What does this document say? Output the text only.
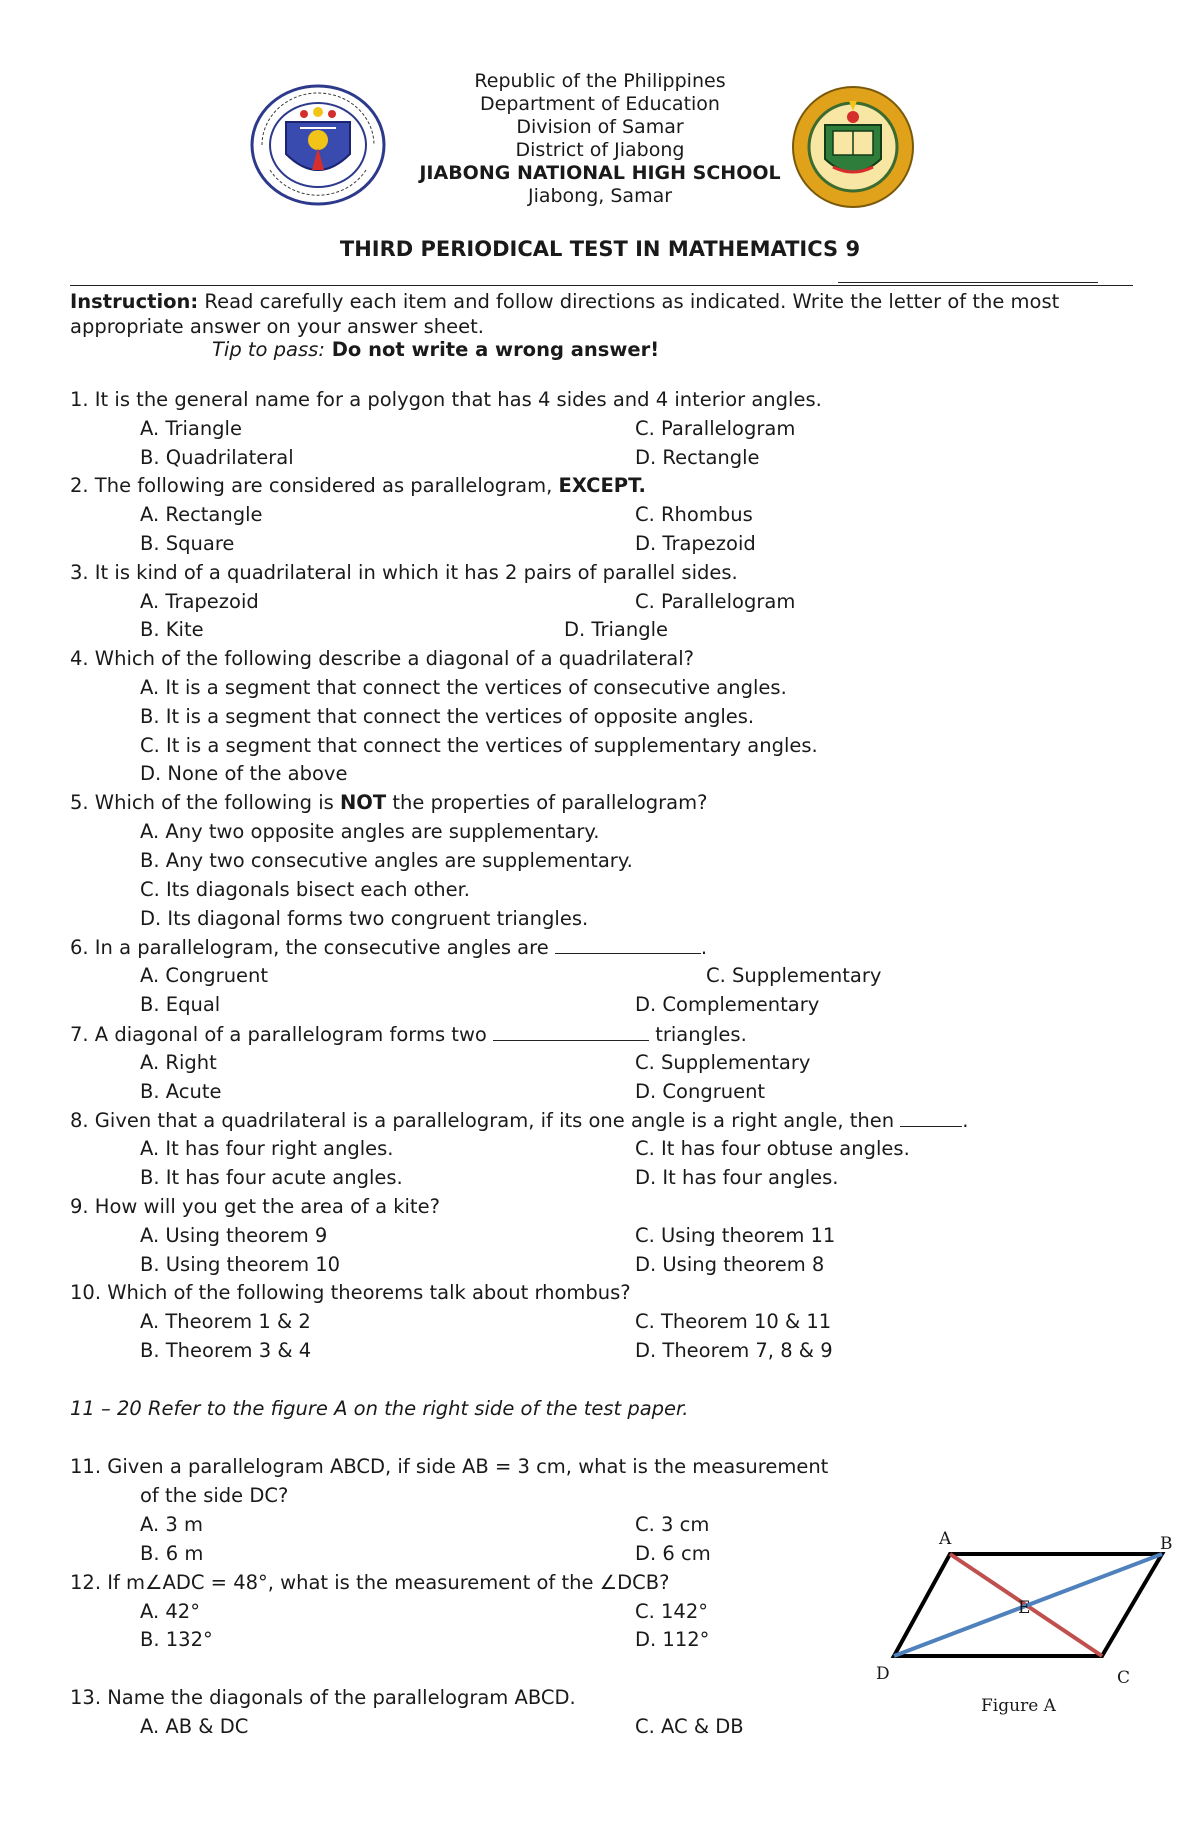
Republic of the Philippines
Department of Education
Division of Samar
District of Jiabong
JIABONG NATIONAL HIGH SCHOOL
Jiabong, Samar
THIRD PERIODICAL TEST IN MATHEMATICS 9
Instruction: Read carefully each item and follow directions as indicated. Write the letter of the most appropriate answer on your answer sheet.
Tip to pass: Do not write a wrong answer!
1. It is the general name for a polygon that has 4 sides and 4 interior angles.
A. Triangle	C. Parallelogram
B. Quadrilateral	D. Rectangle
2. The following are considered as parallelogram, EXCEPT.
A. Rectangle	C. Rhombus
B. Square	D. Trapezoid
3. It is kind of a quadrilateral in which it has 2 pairs of parallel sides.
A. Trapezoid	C. Parallelogram
B. Kite	D. Triangle
4. Which of the following describe a diagonal of a quadrilateral?
A. It is a segment that connect the vertices of consecutive angles.
B. It is a segment that connect the vertices of opposite angles.
C. It is a segment that connect the vertices of supplementary angles.
D. None of the above
5. Which of the following is NOT the properties of parallelogram?
A. Any two opposite angles are supplementary.
B. Any two consecutive angles are supplementary.
C. Its diagonals bisect each other.
D. Its diagonal forms two congruent triangles.
6. In a parallelogram, the consecutive angles are	.
A. Congruent	C. Supplementary
B. Equal	D. Complementary
7. A diagonal of a parallelogram forms two	triangles.
A. Right	C. Supplementary
B. Acute	D. Congruent
8. Given that a quadrilateral is a parallelogram, if its one angle is a right angle, then	.
A. It has four right angles.	C. It has four obtuse angles.
B. It has four acute angles.	D. It has four angles.
9. How will you get the area of a kite?
A. Using theorem 9	C. Using theorem 11
B. Using theorem 10	D. Using theorem 8
10. Which of the following theorems talk about rhombus?
A. Theorem 1 & 2	C. Theorem 10 & 11
B. Theorem 3 & 4	D. Theorem 7, 8 & 9
11 – 20 Refer to the figure A on the right side of the test paper.
11. Given a parallelogram ABCD, if side AB = 3 cm, what is the measurement
of the side DC?
A. 3 m	C. 3 cm
B. 6 m	D. 6 cm
12. If m∠ADC = 48°, what is the measurement of the ∠DCB?
A. 42°	C. 142°
B. 132°	D. 112°
13. Name the diagonals of the parallelogram ABCD.
A. AB & DC	C. AC & DB
A	B
E
D	C
Figure A
